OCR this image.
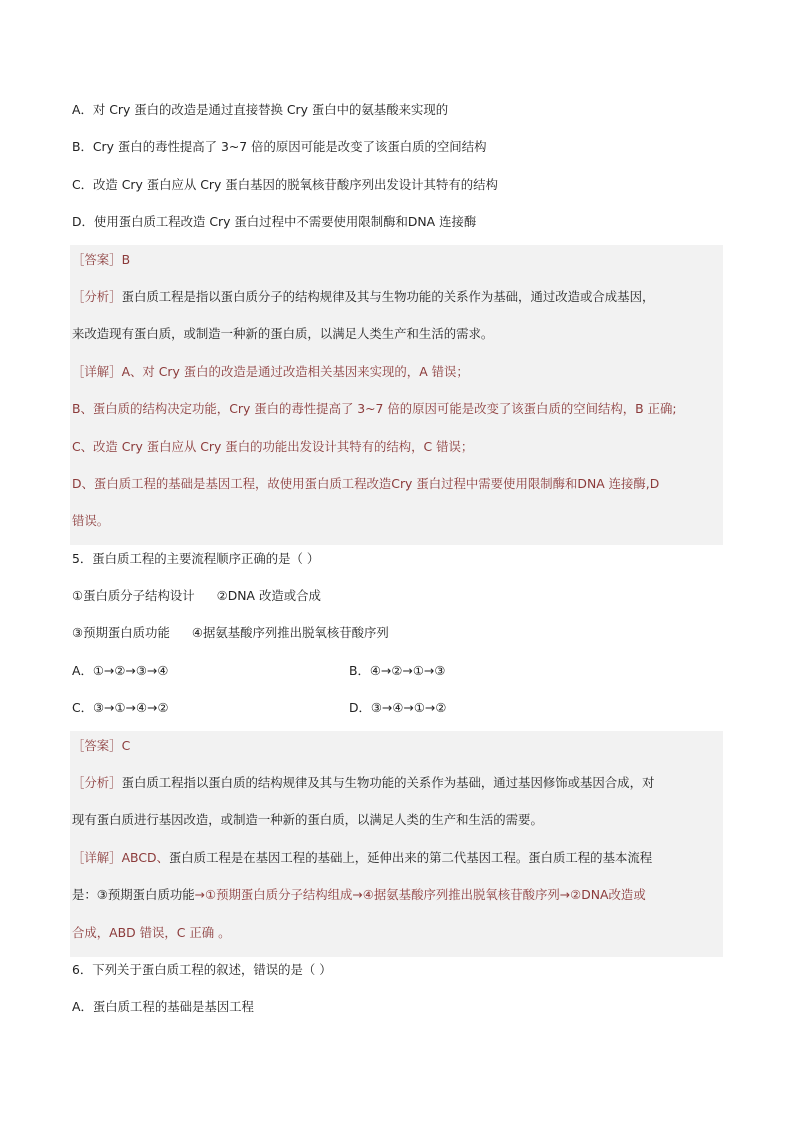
A．对 Cry 蛋白的改造是通过直接替换 Cry 蛋白中的氨基酸来实现的
B．Cry 蛋白的毒性提高了 3~7 倍的原因可能是改变了该蛋白质的空间结构
C．改造 Cry 蛋白应从 Cry 蛋白基因的脱氧核苷酸序列出发设计其特有的结构
D．使用蛋白质工程改造 Cry 蛋白过程中不需要使用限制酶和DNA 连接酶
［答案］B
［分析］蛋白质工程是指以蛋白质分子的结构规律及其与生物功能的关系作为基础，通过改造或合成基因，
来改造现有蛋白质，或制造一种新的蛋白质，以满足人类生产和生活的需求。
［详解］A、对 Cry 蛋白的改造是通过改造相关基因来实现的，A 错误；
B、蛋白质的结构决定功能，Cry 蛋白的毒性提高了 3~7 倍的原因可能是改变了该蛋白质的空间结构，B 正确;
C、改造 Cry 蛋白应从 Cry 蛋白的功能出发设计其特有的结构，C 错误；
D、蛋白质工程的基础是基因工程，故使用蛋白质工程改造Cry 蛋白过程中需要使用限制酶和DNA 连接酶,D
错误。
5．蛋白质工程的主要流程顺序正确的是（ ）
①蛋白质分子结构设计 ②DNA 改造或合成
③预期蛋白质功能 ④据氨基酸序列推出脱氧核苷酸序列
A．①→②→③→④	B．④→②→①→③
C．③→①→④→②	D．③→④→①→②
［答案］C
［分析］蛋白质工程指以蛋白质的结构规律及其与生物功能的关系作为基础，通过基因修饰或基因合成，对
现有蛋白质进行基因改造，或制造一种新的蛋白质，以满足人类的生产和生活的需要。
［详解］ABCD、蛋白质工程是在基因工程的基础上，延伸出来的第二代基因工程。蛋白质工程的基本流程
是：③预期蛋白质功能→①预期蛋白质分子结构组成→④据氨基酸序列推出脱氧核苷酸序列→②DNA改造或
合成，ABD 错误，C 正确 。
6．下列关于蛋白质工程的叙述，错误的是（ ）
A．蛋白质工程的基础是基因工程
